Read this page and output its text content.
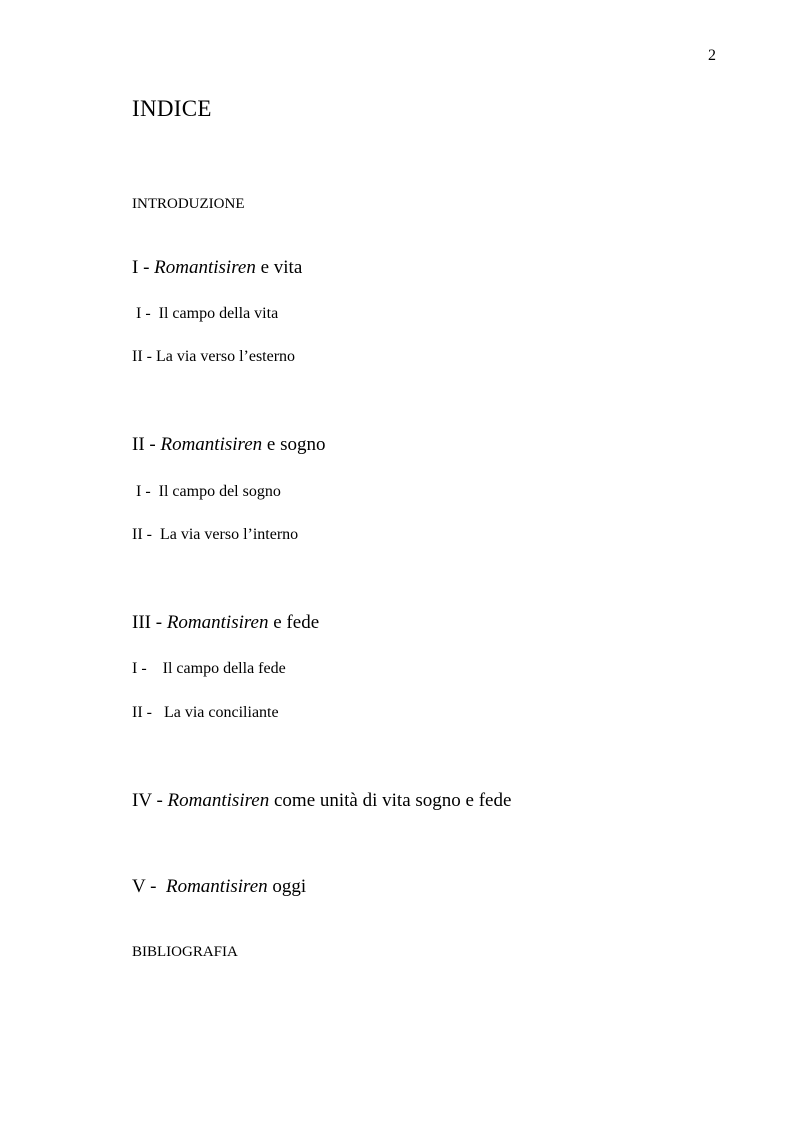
2
INDICE
INTRODUZIONE
I - Romantisiren e vita
I -  Il campo della vita
II - La via verso l’esterno
II - Romantisiren e sogno
I -  Il campo del sogno
II -  La via verso l’interno
III - Romantisiren e fede
I -    Il campo della fede
II -   La via conciliante
IV - Romantisiren come unità di vita sogno e fede
V -  Romantisiren oggi
BIBLIOGRAFIA
